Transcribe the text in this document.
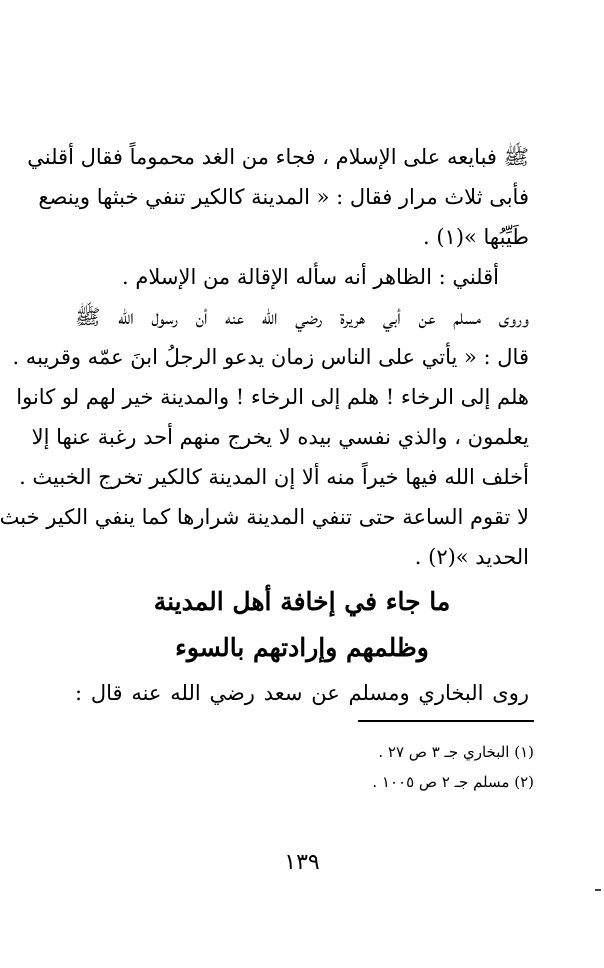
ﷺ فبايعه على الإسلام ، فجاء من الغد محموماً فقال أقلني
فأبى ثلاث مرار فقال : « المدينة كالكير تنفي خبثها وينصع
طَيِّبُها »(١) .
أقلني : الظاهر أنه سأله الإقالة من الإسلام .
وروى مسلم عن أبي هريرة رضي الله عنه أن رسول الله ﷺ
قال : « يأتي على الناس زمان يدعو الرجلُ ابنَ عمّه وقريبه .
هلم إلى الرخاء ! هلم إلى الرخاء ! والمدينة خير لهم لو كانوا
يعلمون ، والذي نفسي بيده لا يخرج منهم أحد رغبة عنها إلا
أخلف الله فيها خيراً منه ألا إن المدينة كالكير تخرج الخبيث .
لا تقوم الساعة حتى تنفي المدينة شرارها كما ينفي الكير خبث
الحديد »(٢) .
ما جاء في إخافة أهل المدينة
وظلمهم وإرادتهم بالسوء
روى البخاري ومسلم عن سعد رضي الله عنه قال :
(١) البخاري جـ ٣ ص ٢٧ .
(٢) مسلم جـ ٢ ص ١٠٠٥ .
١٣٩
